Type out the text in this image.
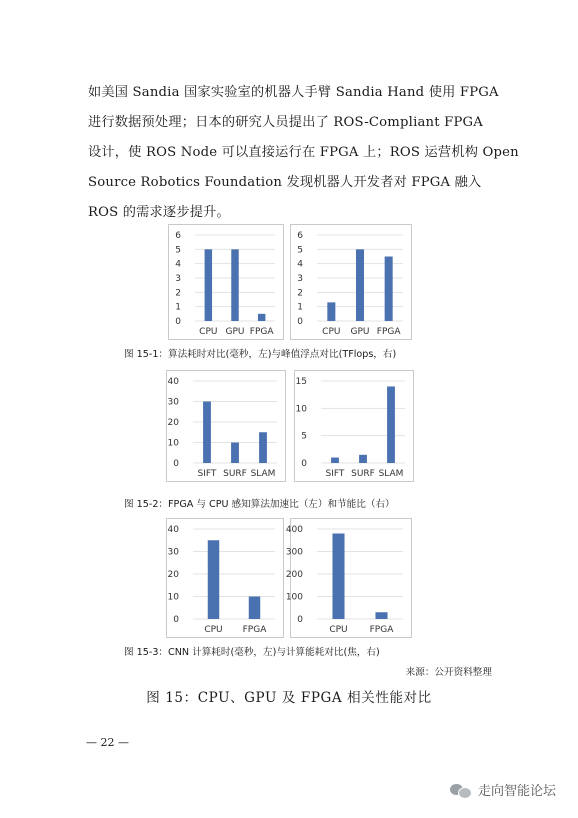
如美国 Sandia 国家实验室的机器人手臂 Sandia Hand 使用 FPGA
进行数据预处理；日本的研究人员提出了 ROS-Compliant FPGA
设计，使 ROS Node 可以直接运行在 FPGA 上；ROS 运营机构 Open
Source Robotics Foundation 发现机器人开发者对 FPGA 融入
ROS 的需求逐步提升。

0
1
2
3
4
5
6
CPU GPU FPGA
0
1
2
3
4
5
6
CPU GPU FPGA
图 15-1：算法耗时对比(毫秒，左)与峰值浮点对比(TFlops，右)
0
10
20
30
40
SIFT SURF SLAM
0
5
10
15
SIFT SURF SLAM
图 15-2：FPGA 与 CPU 感知算法加速比（左）和节能比（右）
0
10
20
30
40
CPU FPGA
0
100
200
300
400
CPU FPGA
图 15-3：CNN 计算耗时(毫秒，左)与计算能耗对比(焦，右)
来源：公开资料整理
图 15：CPU、GPU 及 FPGA 相关性能对比
— 22 —
走向智能论坛
